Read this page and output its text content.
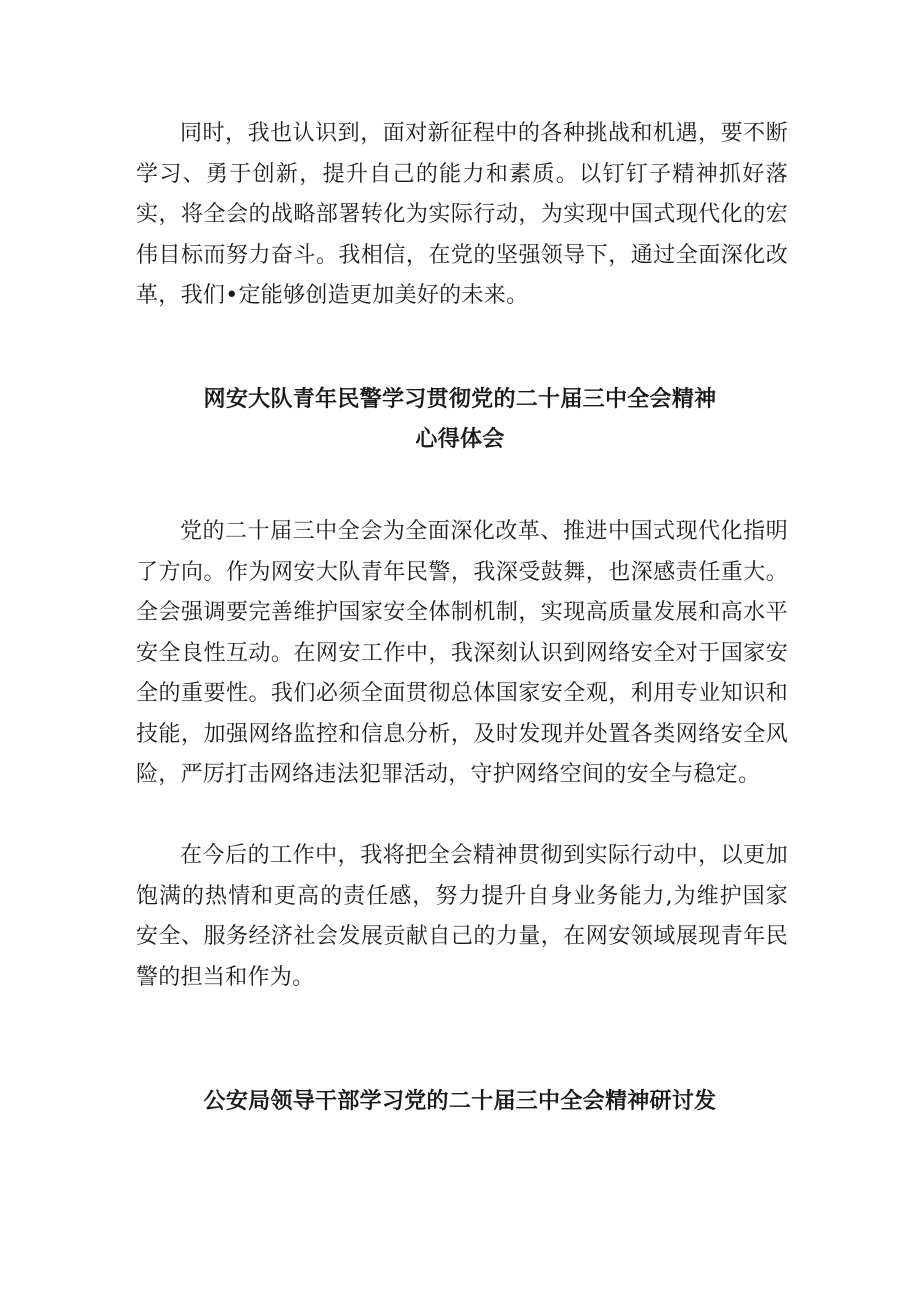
同时，我也认识到，面对新征程中的各种挑战和机遇，要不断学习、勇于创新，提升自己的能力和素质。以钉钉子精神抓好落实，将全会的战略部署转化为实际行动，为实现中国式现代化的宏伟目标而努力奋斗。我相信，在党的坚强领导下，通过全面深化改革，我们•定能够创造更加美好的未来。

网安大队青年民警学习贯彻党的二十届三中全会精神
心得体会

党的二十届三中全会为全面深化改革、推进中国式现代化指明了方向。作为网安大队青年民警，我深受鼓舞，也深感责任重大。全会强调要完善维护国家安全体制机制，实现高质量发展和高水平安全良性互动。在网安工作中，我深刻认识到网络安全对于国家安全的重要性。我们必须全面贯彻总体国家安全观，利用专业知识和技能，加强网络监控和信息分析，及时发现并处置各类网络安全风险，严厉打击网络违法犯罪活动，守护网络空间的安全与稳定。

在今后的工作中，我将把全会精神贯彻到实际行动中，以更加饱满的热情和更高的责任感，努力提升自身业务能力,为维护国家安全、服务经济社会发展贡献自己的力量，在网安领域展现青年民警的担当和作为。

公安局领导干部学习党的二十届三中全会精神研讨发
